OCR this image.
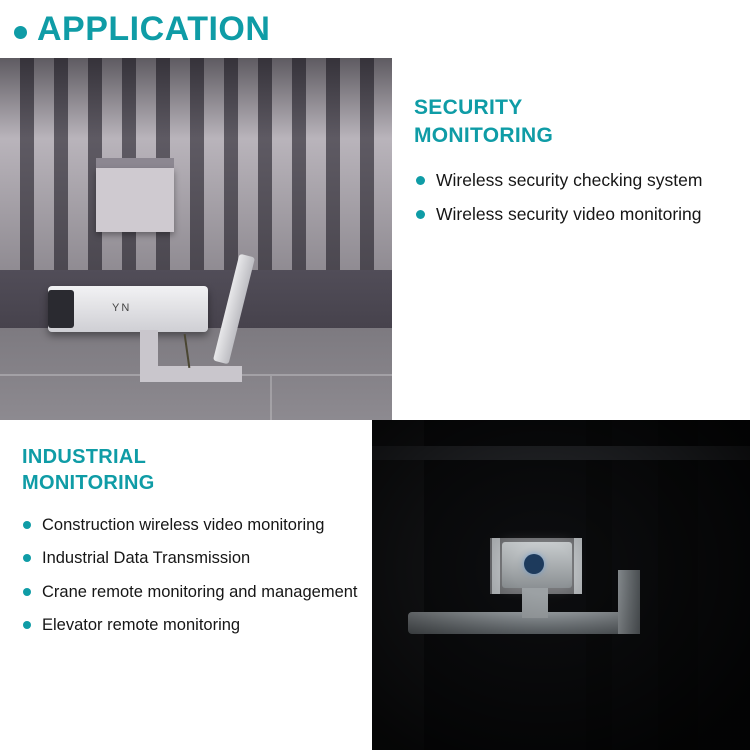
APPLICATION
YN
SECURITY
MONITORING
Wireless security checking system
Wireless security video monitoring
INDUSTRIAL
MONITORING
Construction wireless video monitoring
Industrial Data Transmission
Crane remote monitoring and management
Elevator remote monitoring
